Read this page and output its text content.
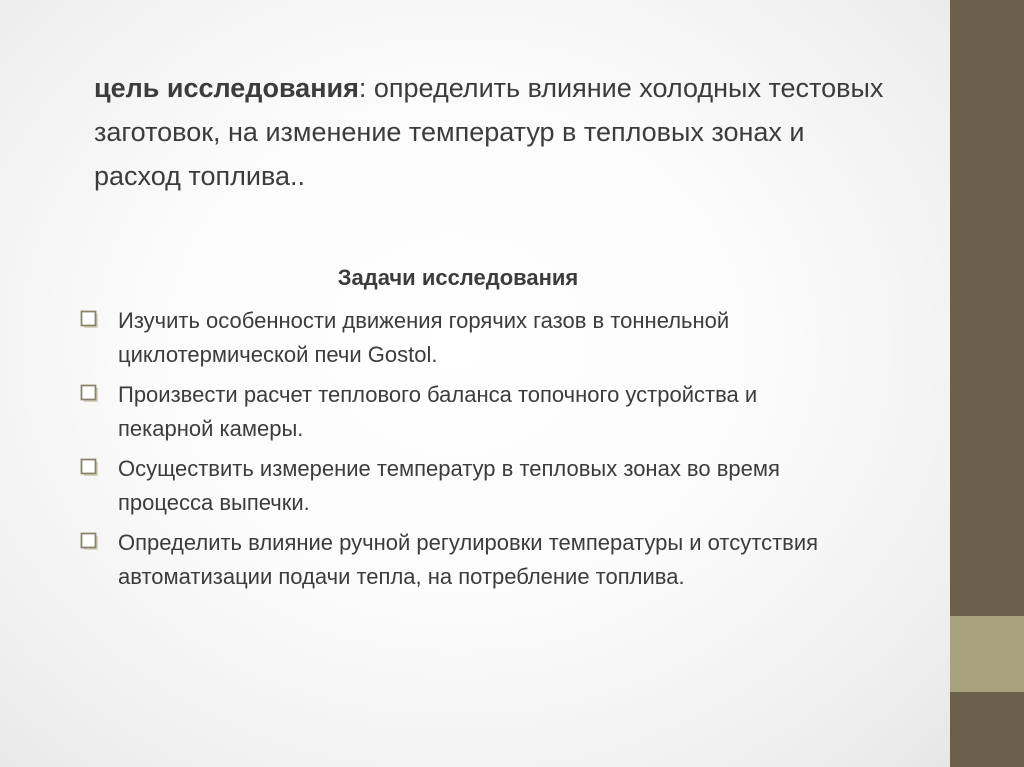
цель исследования: определить влияние холодных тестовых заготовок, на изменение температур в тепловых зонах и расход топлива..

Задачи исследования
Изучить особенности движения горячих газов в тоннельной циклотермической печи Gostol.
Произвести расчет теплового баланса топочного устройства и пекарной камеры.
Осуществить измерение температур в тепловых зонах во время процесса выпечки.
Определить влияние ручной регулировки температуры и отсутствия автоматизации подачи тепла, на потребление топлива.
